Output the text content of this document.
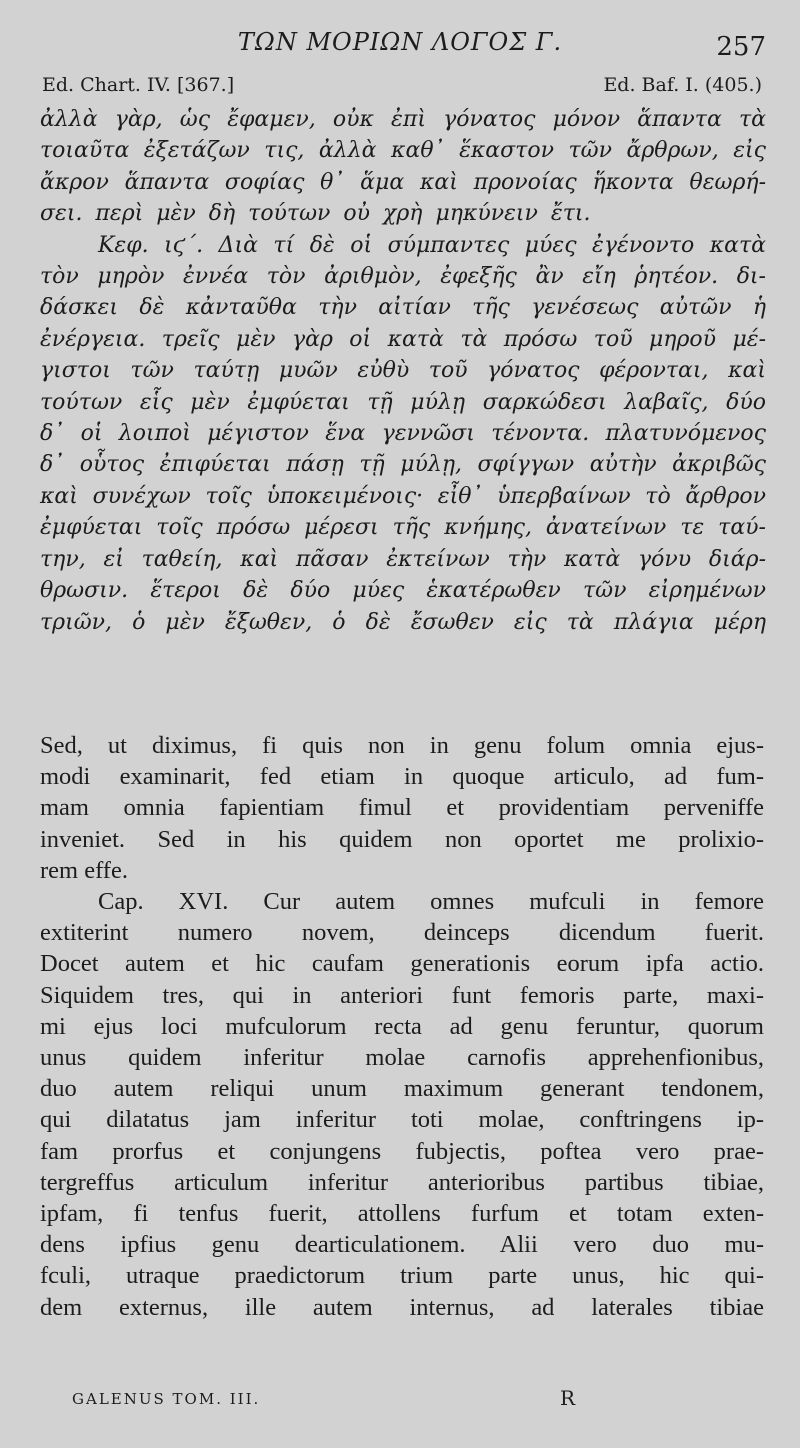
ΤΩΝ ΜΟΡΙΩΝ ΛΟΓΟΣ Γ.	257
Ed. Chart. IV. [367.]	Ed. Baf. I. (405.)
ἀλλὰ γὰρ, ὡς ἔφαμεν, οὐκ ἐπὶ γόνατος μόνον ἅπαντα τὰ
τοιαῦτα ἐξετάζων τις, ἀλλὰ καθ᾿ ἕκαστον τῶν ἄρθρων, εἰς
ἄκρον ἅπαντα σοφίας θ᾿ ἅμα καὶ προνοίας ἥκοντα θεωρή-
σει. περὶ μὲν δὴ τούτων οὐ χρὴ μηκύνειν ἔτι.
Κεφ. ιϛ΄. Διὰ τί δὲ οἱ σύμπαντες μύες ἐγένοντο κατὰ
τὸν μηρὸν ἐννέα τὸν ἀριθμὸν, ἐφεξῆς ἂν εἴη ῥητέον. δι-
δάσκει δὲ κἀνταῦθα τὴν αἰτίαν τῆς γενέσεως αὐτῶν ἡ
ἐνέργεια. τρεῖς μὲν γὰρ οἱ κατὰ τὰ πρόσω τοῦ μηροῦ μέ-
γιστοι τῶν ταύτῃ μυῶν εὐθὺ τοῦ γόνατος φέρονται, καὶ
τούτων εἷς μὲν ἐμφύεται τῇ μύλῃ σαρκώδεσι λαβαῖς, δύο
δ᾿ οἱ λοιποὶ μέγιστον ἕνα γεννῶσι τένοντα. πλατυνόμενος
δ᾿ οὗτος ἐπιφύεται πάσῃ τῇ μύλῃ, σφίγγων αὐτὴν ἀκριβῶς
καὶ συνέχων τοῖς ὑποκειμένοις· εἶθ᾿ ὑπερβαίνων τὸ ἄρθρον
ἐμφύεται τοῖς πρόσω μέρεσι τῆς κνήμης, ἀνατείνων τε ταύ-
την, εἰ ταθείη, καὶ πᾶσαν ἐκτείνων τὴν κατὰ γόνυ διάρ-
θρωσιν. ἕτεροι δὲ δύο μύες ἑκατέρωθεν τῶν εἰρημένων
τριῶν, ὁ μὲν ἔξωθεν, ὁ δὲ ἔσωθεν εἰς τὰ πλάγια μέρη
Sed, ut diximus, fi quis non in genu folum omnia ejus-
modi examinarit, fed etiam in quoque articulo, ad fum-
mam omnia fapientiam fimul et providentiam perveniffe
inveniet. Sed in his quidem non oportet me prolixio-
rem effe.
Cap. XVI. Cur autem omnes mufculi in femore
extiterint numero novem, deinceps dicendum fuerit.
Docet autem et hic caufam generationis eorum ipfa actio.
Siquidem tres, qui in anteriori funt femoris parte, maxi-
mi ejus loci mufculorum recta ad genu feruntur, quorum
unus quidem inferitur molae carnofis apprehenfionibus,
duo autem reliqui unum maximum generant tendonem,
qui dilatatus jam inferitur toti molae, conftringens ip-
fam prorfus et conjungens fubjectis, poftea vero prae-
tergreffus articulum inferitur anterioribus partibus tibiae,
ipfam, fi tenfus fuerit, attollens furfum et totam exten-
dens ipfius genu dearticulationem. Alii vero duo mu-
fculi, utraque praedictorum trium parte unus, hic qui-
dem externus, ille autem internus, ad laterales tibiae
GALENUS TOM. III.	R
